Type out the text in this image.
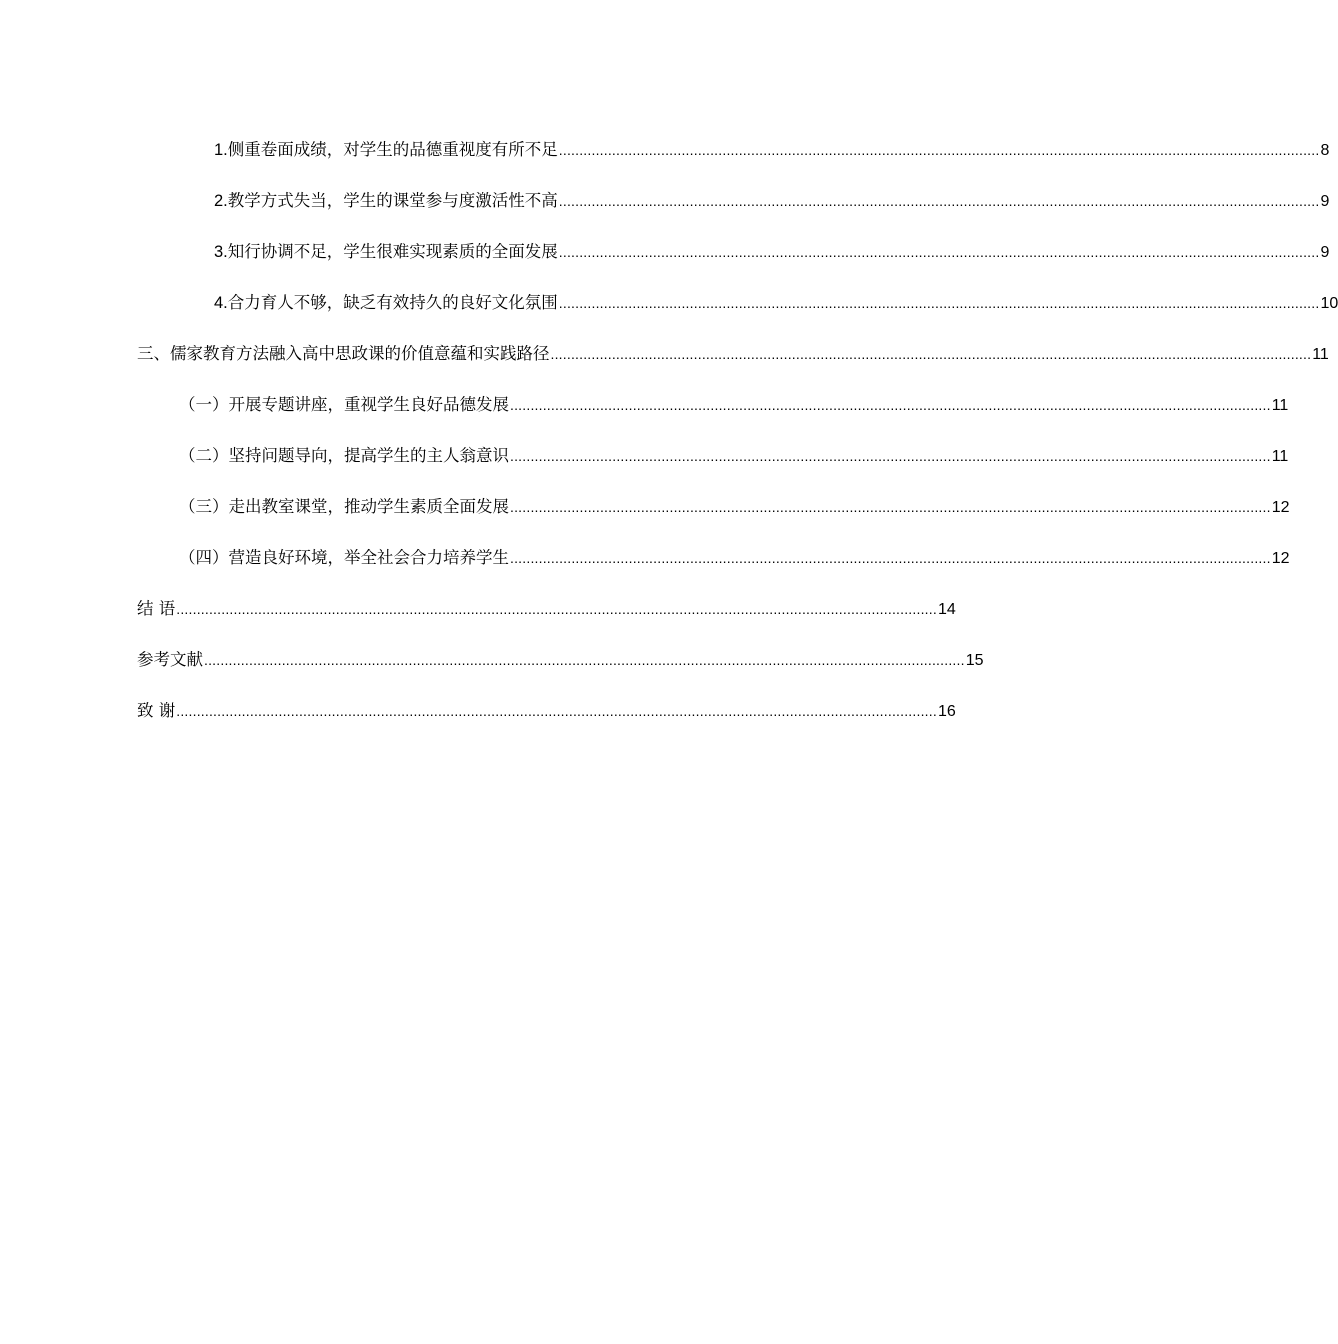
1.侧重卷面成绩，对学生的品德重视度有所不足 .......................................................................................................................................................................................... 8
2.教学方式失当，学生的课堂参与度激活性不高 .......................................................................................................................................................................................... 9
3.知行协调不足，学生很难实现素质的全面发展 .......................................................................................................................................................................................... 9
4.合力育人不够，缺乏有效持久的良好文化氛围 .......................................................................................................................................................................................... 10
三、儒家教育方法融入高中思政课的价值意蕴和实践路径 .......................................................................................................................................................................................... 11
（一）开展专题讲座，重视学生良好品德发展 .......................................................................................................................................................................................... 11
（二）坚持问题导向，提高学生的主人翁意识 .......................................................................................................................................................................................... 11
（三）走出教室课堂，推动学生素质全面发展 .......................................................................................................................................................................................... 12
（四）营造良好环境，举全社会合力培养学生 .......................................................................................................................................................................................... 12
结 语 .......................................................................................................................................................................................... 14
参考文献 .......................................................................................................................................................................................... 15
致 谢 .......................................................................................................................................................................................... 16
